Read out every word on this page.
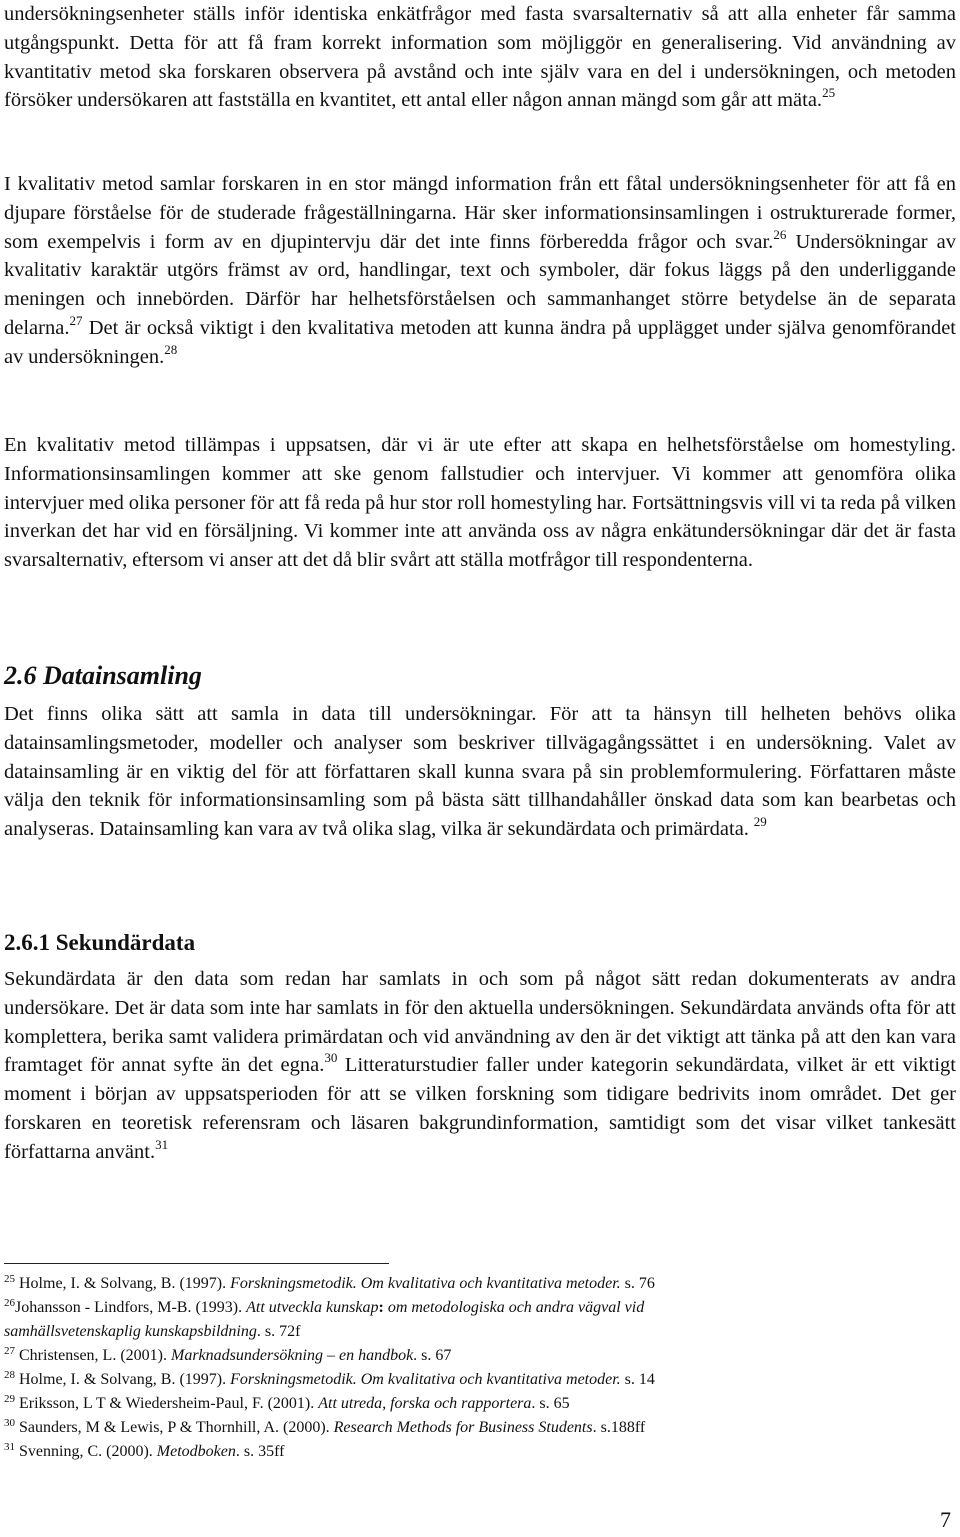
undersökningsenheter ställs inför identiska enkätfrågor med fasta svarsalternativ så att alla enheter får samma utgångspunkt. Detta för att få fram korrekt information som möjliggör en generalisering. Vid användning av kvantitativ metod ska forskaren observera på avstånd och inte själv vara en del i undersökningen, och metoden försöker undersökaren att fastställa en kvantitet, ett antal eller någon annan mängd som går att mäta.$^{25}$

I kvalitativ metod samlar forskaren in en stor mängd information från ett fåtal undersökningsenheter för att få en djupare förståelse för de studerade frågeställningarna. Här sker informationsinsamlingen i ostrukturerade former, som exempelvis i form av en djupintervju där det inte finns förberedda frågor och svar.$^{26}$ Undersökningar av kvalitativ karaktär utgörs främst av ord, handlingar, text och symboler, där fokus läggs på den underliggande meningen och innebörden. Därför har helhetsförståelsen och sammanhanget större betydelse än de separata delarna.$^{27}$ Det är också viktigt i den kvalitativa metoden att kunna ändra på upplägget under själva genomförandet av undersökningen.$^{28}$

En kvalitativ metod tillämpas i uppsatsen, där vi är ute efter att skapa en helhetsförståelse om homestyling. Informationsinsamlingen kommer att ske genom fallstudier och intervjuer. Vi kommer att genomföra olika intervjuer med olika personer för att få reda på hur stor roll homestyling har. Fortsättningsvis vill vi ta reda på vilken inverkan det har vid en försäljning. Vi kommer inte att använda oss av några enkätundersökningar där det är fasta svarsalternativ, eftersom vi anser att det då blir svårt att ställa motfrågor till respondenterna.

2.6 Datainsamling

Det finns olika sätt att samla in data till undersökningar. För att ta hänsyn till helheten behövs olika datainsamlingsmetoder, modeller och analyser som beskriver tillvägagångssättet i en undersökning. Valet av datainsamling är en viktig del för att författaren skall kunna svara på sin problemformulering. Författaren måste välja den teknik för informationsinsamling som på bästa sätt tillhandahåller önskad data som kan bearbetas och analyseras. Datainsamling kan vara av två olika slag, vilka är sekundärdata och primärdata. $^{29}$

2.6.1 Sekundärdata

Sekundärdata är den data som redan har samlats in och som på något sätt redan dokumenterats av andra undersökare. Det är data som inte har samlats in för den aktuella undersökningen. Sekundärdata används ofta för att komplettera, berika samt validera primärdatan och vid användning av den är det viktigt att tänka på att den kan vara framtaget för annat syfte än det egna.$^{30}$ Litteraturstudier faller under kategorin sekundärdata, vilket är ett viktigt moment i början av uppsatsperioden för att se vilken forskning som tidigare bedrivits inom området. Det ger forskaren en teoretisk referensram och läsaren bakgrundinformation, samtidigt som det visar vilket tankesätt författarna använt.$^{31}$

$^{25}$ Holme, I. & Solvang, B. (1997). Forskningsmetodik. Om kvalitativa och kvantitativa metoder. s. 76

$^{26}$Johansson - Lindfors, M-B. (1993). Att utveckla kunskap: om metodologiska och andra vägval vid

samhällsvetenskaplig kunskapsbildning. s. 72f

$^{27}$ Christensen, L. (2001). Marknadsundersökning – en handbok. s. 67

$^{28}$ Holme, I. & Solvang, B. (1997). Forskningsmetodik. Om kvalitativa och kvantitativa metoder. s. 14

$^{29}$ Eriksson, L T & Wiedersheim-Paul, F. (2001). Att utreda, forska och rapportera. s. 65

$^{30}$ Saunders, M & Lewis, P & Thornhill, A. (2000). Research Methods for Business Students. s.188ff

$^{31}$ Svenning, C. (2000). Metodboken. s. 35ff

7
